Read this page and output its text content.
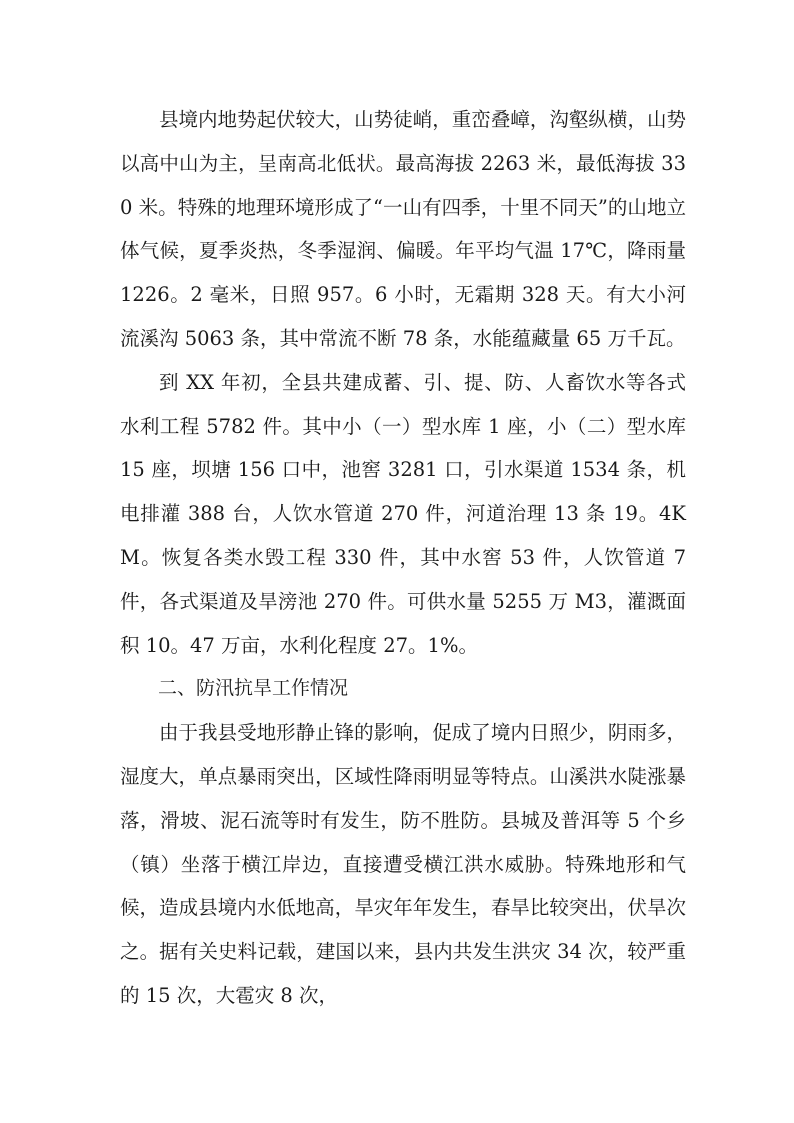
县境内地势起伏较大，山势徒峭，重峦叠嶂，沟壑纵横，山势以高中山为主，呈南高北低状。最高海拔 2263 米，最低海拔 330 米。特殊的地理环境形成了“一山有四季，十里不同天”的山地立体气候，夏季炎热，冬季湿润、偏暖。年平均气温 17℃，降雨量 1226。2 毫米，日照 957。6 小时，无霜期 328 天。有大小河流溪沟 5063 条，其中常流不断 78 条，水能蕴藏量 65 万千瓦。

到 XX 年初，全县共建成蓄、引、提、防、人畜饮水等各式水利工程 5782 件。其中小（一）型水库 1 座，小（二）型水库 15 座，坝塘 156 口中，池窖 3281 口，引水渠道 1534 条，机电排灌 388 台，人饮水管道 270 件，河道治理 13 条 19。4KM。恢复各类水毁工程 330 件，其中水窖 53 件，人饮管道 7 件，各式渠道及旱滂池 270 件。可供水量 5255 万 M3，灌溉面积 10。47 万亩，水利化程度 27。1%。

二、防汛抗旱工作情况

由于我县受地形静止锋的影响，促成了境内日照少，阴雨多，湿度大，单点暴雨突出，区域性降雨明显等特点。山溪洪水陡涨暴落，滑坡、泥石流等时有发生，防不胜防。县城及普洱等 5 个乡（镇）坐落于横江岸边，直接遭受横江洪水威胁。特殊地形和气候，造成县境内水低地高，旱灾年年发生，春旱比较突出，伏旱次之。据有关史料记载，建国以来，县内共发生洪灾 34 次，较严重的 15 次，大雹灾 8 次，
